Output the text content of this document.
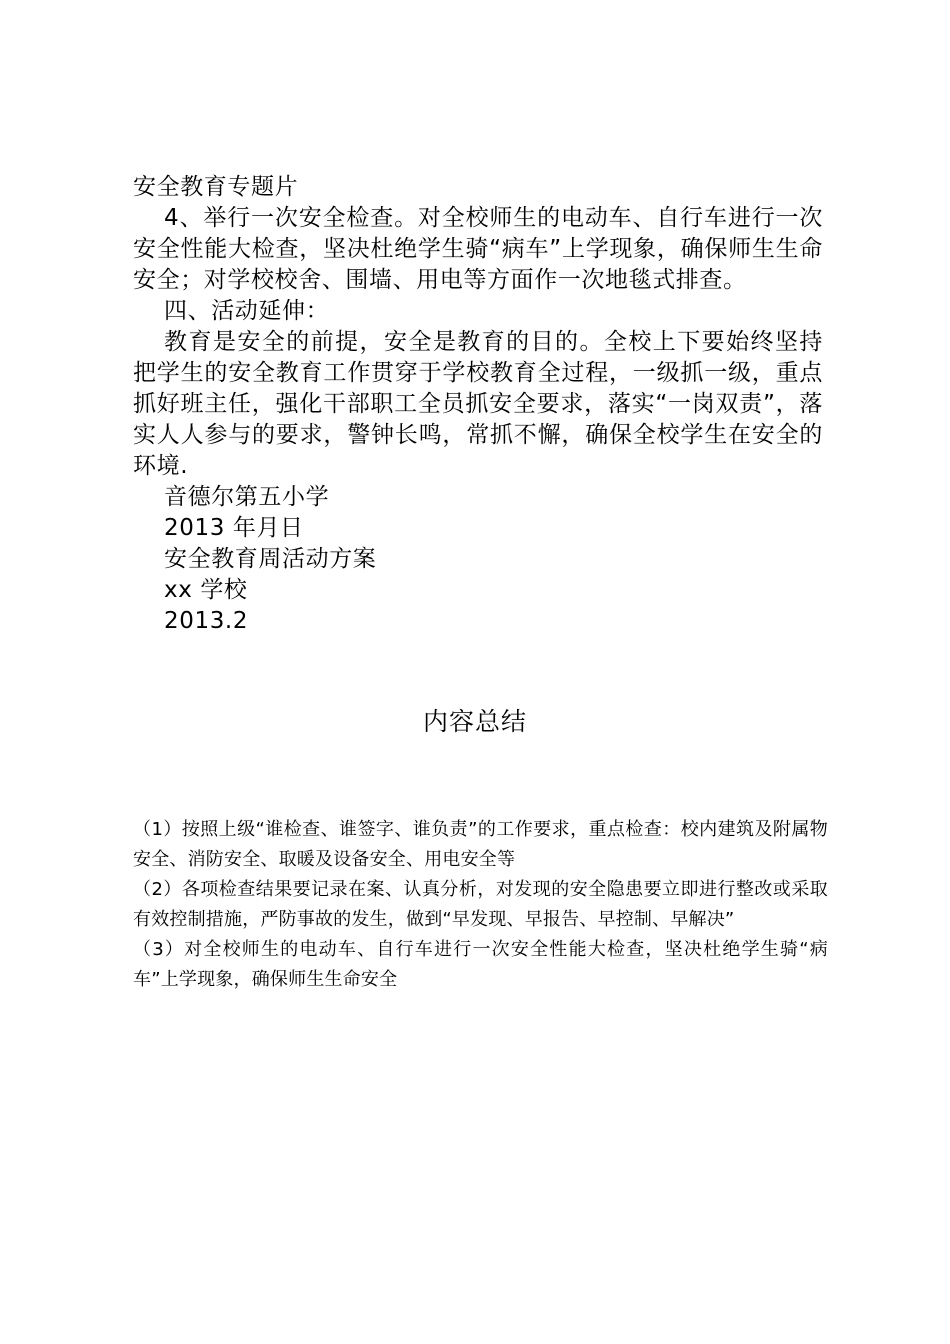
安全教育专题片

4、举行一次安全检查。对全校师生的电动车、自行车进行一次安全性能大检查，坚决杜绝学生骑“病车”上学现象，确保师生生命安全；对学校校舍、围墙、用电等方面作一次地毯式排查。

四、活动延伸：

教育是安全的前提，安全是教育的目的。全校上下要始终坚持把学生的安全教育工作贯穿于学校教育全过程，一级抓一级，重点抓好班主任，强化干部职工全员抓安全要求，落实“一岗双责”，落实人人参与的要求，警钟长鸣，常抓不懈，确保全校学生在安全的环境.

音德尔第五小学
2013 年月日
安全教育周活动方案
xx 学校
2013.2
内容总结

（1）按照上级“谁检查、谁签字、谁负责”的工作要求，重点检查：校内建筑及附属物安全、消防安全、取暖及设备安全、用电安全等

（2）各项检查结果要记录在案、认真分析，对发现的安全隐患要立即进行整改或采取有效控制措施，严防事故的发生，做到“早发现、早报告、早控制、早解决”

（3）对全校师生的电动车、自行车进行一次安全性能大检查，坚决杜绝学生骑“病车”上学现象，确保师生生命安全
